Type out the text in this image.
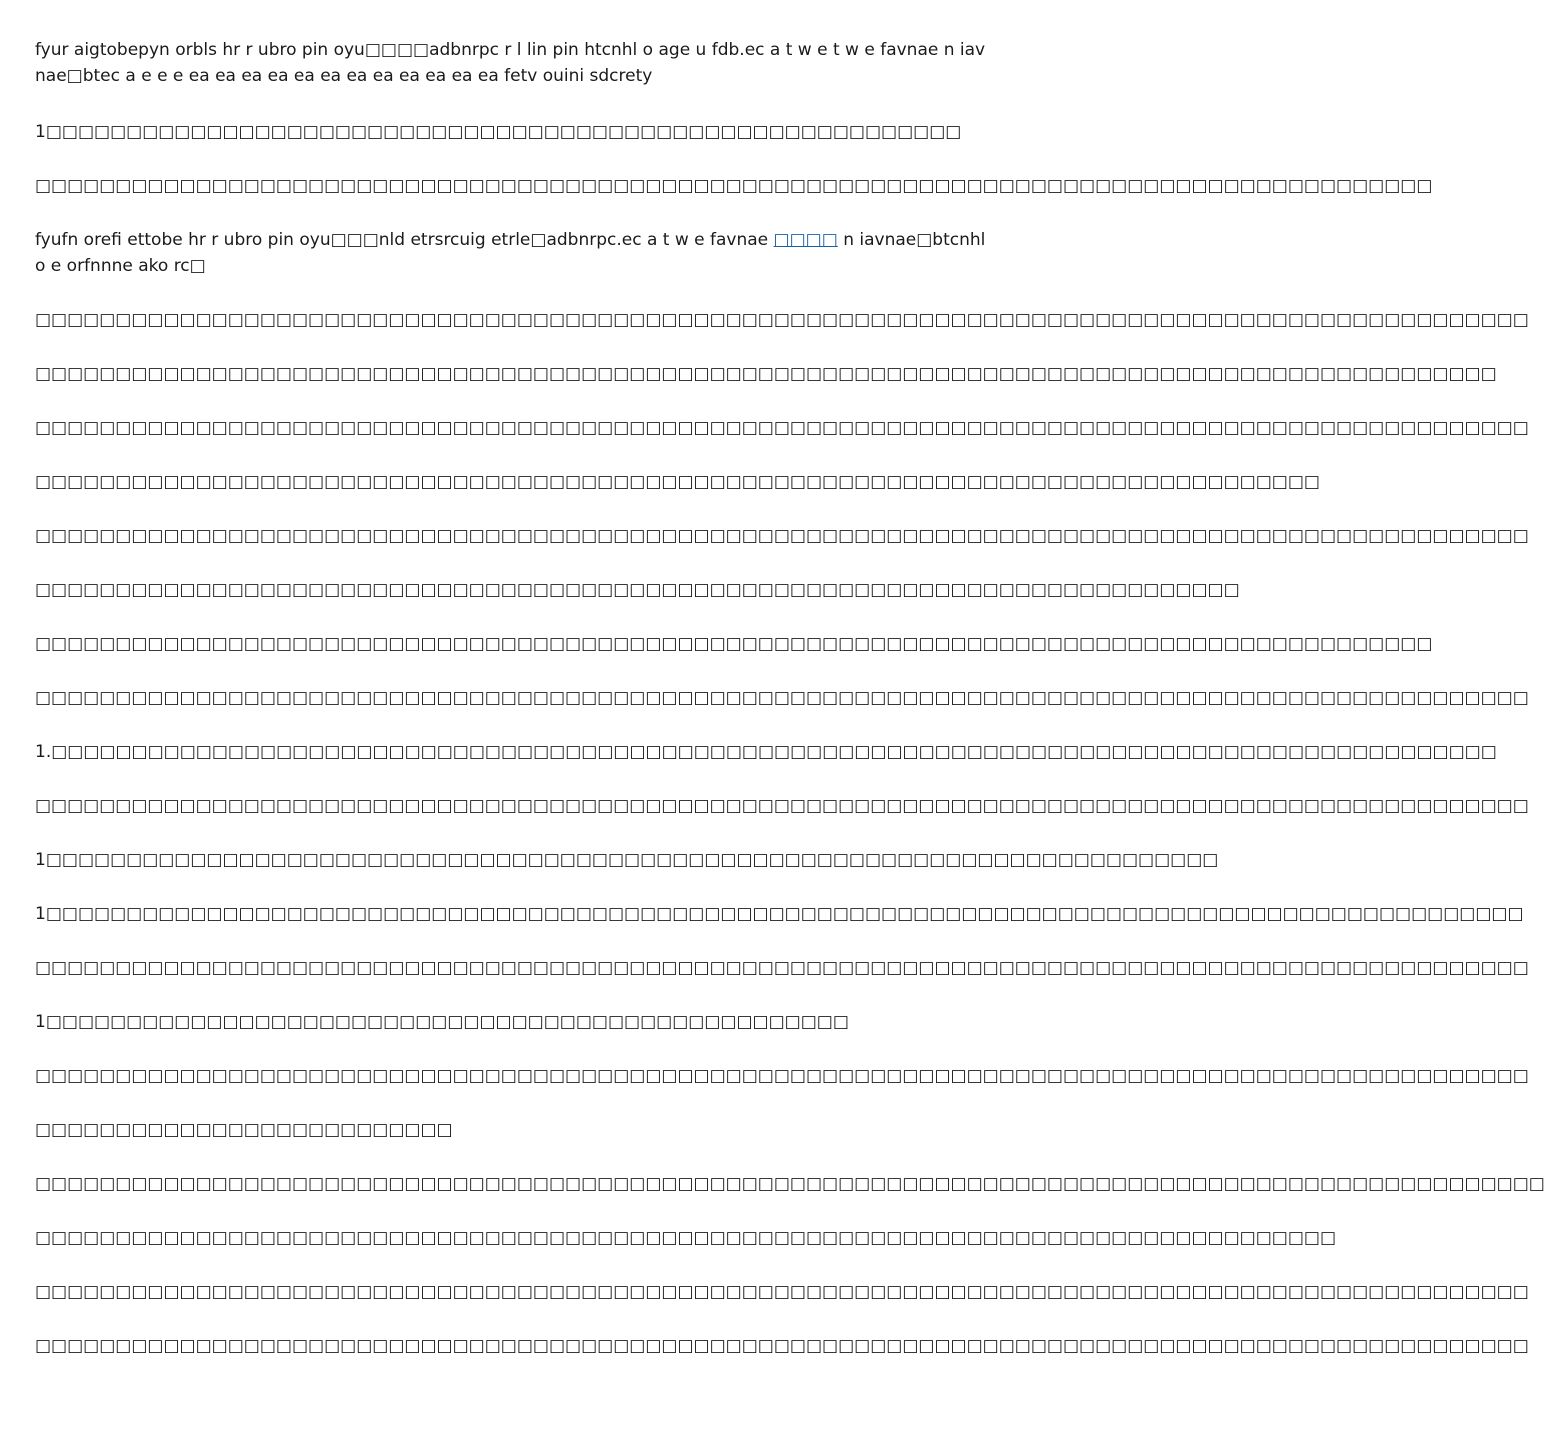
fyur aigtobepyn orbls hr r ubro pin oyu□□□□adbnrpc r l lin pin htcnhl o age u fdb.ec a t w e t w e favnae n iavnae□btec a e e e ea ea ea ea ea ea ea ea ea ea ea ea fetv ouini sdcrety

1□□□□□□□□□□□□□□□□□□□□□□□□□□□□□□□□□□□□□□□□□□□□□□□□□□□□□□□□□

□□□□□□□□□□□□□□□□□□□□□□□□□□□□□□□□□□□□□□□□□□□□□□□□□□□□□□□□□□□□□□□□□□□□□□□□□□□□□□□□□□□□□□□

fyufn orefi ettobe hr r ubro pin oyu□□□nld etrsrcuig etrle□adbnrpc.ec a t w e favnae □□□□ n iavnae□btcnhl o e orfnnne ako rc□

□□□□□□□□□□□□□□□□□□□□□□□□□□□□□□□□□□□□□□□□□□□□□□□□□□□□□□□□□□□□□□□□□□□□□□□□□□□□□□□□□□□□□□□□□□□□□

□□□□□□□□□□□□□□□□□□□□□□□□□□□□□□□□□□□□□□□□□□□□□□□□□□□□□□□□□□□□□□□□□□□□□□□□□□□□□□□□□□□□□□□□□□□

□□□□□□□□□□□□□□□□□□□□□□□□□□□□□□□□□□□□□□□□□□□□□□□□□□□□□□□□□□□□□□□□□□□□□□□□□□□□□□□□□□□□□□□□□□□□□

□□□□□□□□□□□□□□□□□□□□□□□□□□□□□□□□□□□□□□□□□□□□□□□□□□□□□□□□□□□□□□□□□□□□□□□□□□□□□□□□

□□□□□□□□□□□□□□□□□□□□□□□□□□□□□□□□□□□□□□□□□□□□□□□□□□□□□□□□□□□□□□□□□□□□□□□□□□□□□□□□□□□□□□□□□□□□□

□□□□□□□□□□□□□□□□□□□□□□□□□□□□□□□□□□□□□□□□□□□□□□□□□□□□□□□□□□□□□□□□□□□□□□□□□□□

□□□□□□□□□□□□□□□□□□□□□□□□□□□□□□□□□□□□□□□□□□□□□□□□□□□□□□□□□□□□□□□□□□□□□□□□□□□□□□□□□□□□□□□

□□□□□□□□□□□□□□□□□□□□□□□□□□□□□□□□□□□□□□□□□□□□□□□□□□□□□□□□□□□□□□□□□□□□□□□□□□□□□□□□□□□□□□□□□□□□□

1.□□□□□□□□□□□□□□□□□□□□□□□□□□□□□□□□□□□□□□□□□□□□□□□□□□□□□□□□□□□□□□□□□□□□□□□□□□□□□□□□□□□□□□□□□□

□□□□□□□□□□□□□□□□□□□□□□□□□□□□□□□□□□□□□□□□□□□□□□□□□□□□□□□□□□□□□□□□□□□□□□□□□□□□□□□□□□□□□□□□□□□□□

1□□□□□□□□□□□□□□□□□□□□□□□□□□□□□□□□□□□□□□□□□□□□□□□□□□□□□□□□□□□□□□□□□□□□□□□□□

1□□□□□□□□□□□□□□□□□□□□□□□□□□□□□□□□□□□□□□□□□□□□□□□□□□□□□□□□□□□□□□□□□□□□□□□□□□□□□□□□□□□□□□□□□□□□

□□□□□□□□□□□□□□□□□□□□□□□□□□□□□□□□□□□□□□□□□□□□□□□□□□□□□□□□□□□□□□□□□□□□□□□□□□□□□□□□□□□□□□□□□□□□□

1□□□□□□□□□□□□□□□□□□□□□□□□□□□□□□□□□□□□□□□□□□□□□□□□□□

□□□□□□□□□□□□□□□□□□□□□□□□□□□□□□□□□□□□□□□□□□□□□□□□□□□□□□□□□□□□□□□□□□□□□□□□□□□□□□□□□□□□□□□□□□□□□

□□□□□□□□□□□□□□□□□□□□□□□□□□

□□□□□□□□□□□□□□□□□□□□□□□□□□□□□□□□□□□□□□□□□□□□□□□□□□□□□□□□□□□□□□□□□□□□□□□□□□□□□□□□□□□□□□□□□□□□□□

□□□□□□□□□□□□□□□□□□□□□□□□□□□□□□□□□□□□□□□□□□□□□□□□□□□□□□□□□□□□□□□□□□□□□□□□□□□□□□□□□

□□□□□□□□□□□□□□□□□□□□□□□□□□□□□□□□□□□□□□□□□□□□□□□□□□□□□□□□□□□□□□□□□□□□□□□□□□□□□□□□□□□□□□□□□□□□□

□□□□□□□□□□□□□□□□□□□□□□□□□□□□□□□□□□□□□□□□□□□□□□□□□□□□□□□□□□□□□□□□□□□□□□□□□□□□□□□□□□□□□□□□□□□□□
